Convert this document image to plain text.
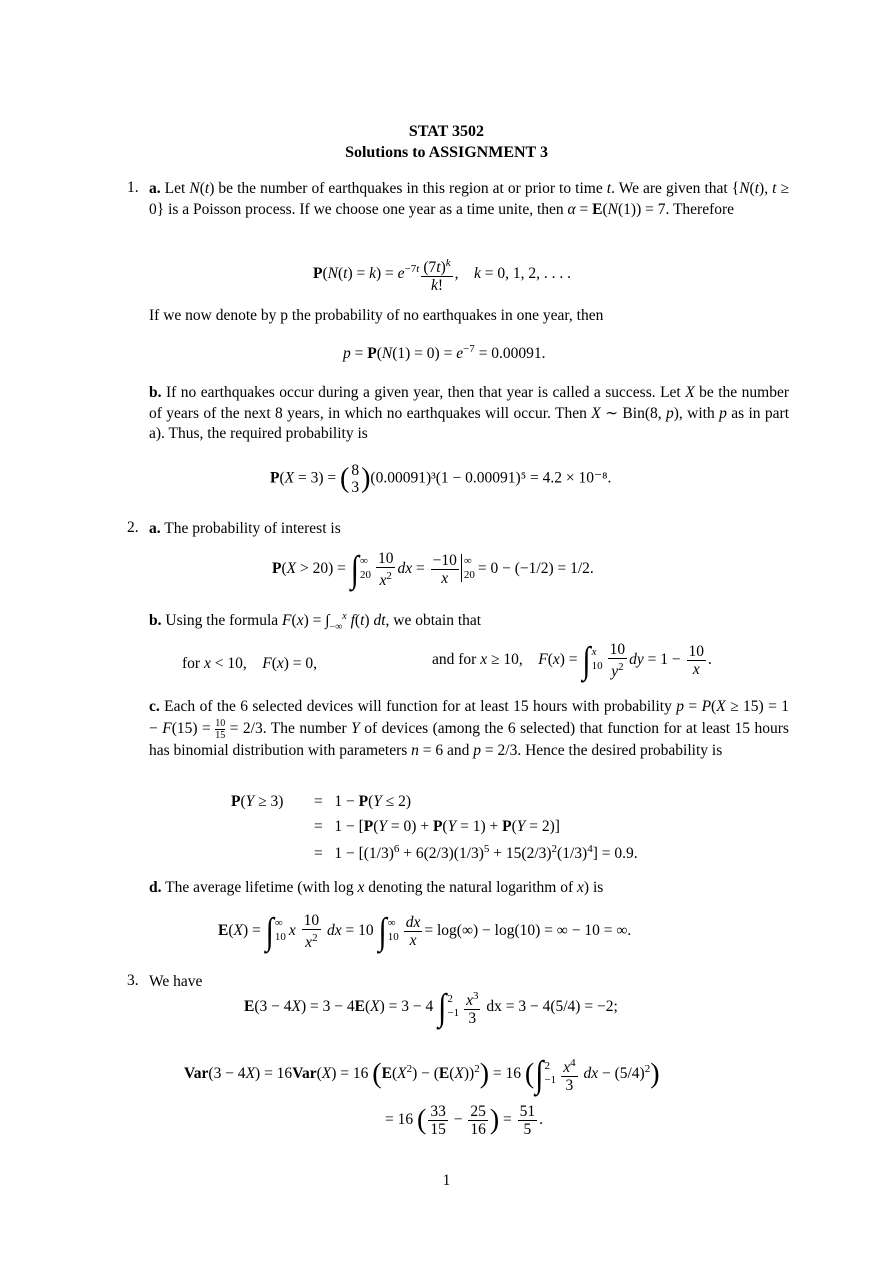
STAT 3502
Solutions to ASSIGNMENT 3
1. a. Let N(t) be the number of earthquakes in this region at or prior to time t. We are given that {N(t), t ≥ 0} is a Poisson process. If we choose one year as a time unite, then α = E(N(1)) = 7. Therefore
$P(N(t) = k) = e^{-7t} \frac{(7t)^k}{k!}$ ,    k = 0, 1, 2, . . . .
If we now denote by p the probability of no earthquakes in one year, then
$p = P(N(1) = 0) = e^{-7} = 0.00091$.
b. If no earthquakes occur during a given year, then that year is called a success. Let X be the number of years of the next 8 years, in which no earthquakes will occur. Then X ∼ Bin(8, p), with p as in part a). Thus, the required probability is
P(X = 3) = ( 8
3 )(0.00091)³(1 − 0.00091)⁵ = 4.2 × 10⁻⁸.
2. a. The probability of interest is
P(X > 20) = ∫ ∞
$20 \frac{10}{x^2}$ dx = $\frac{-10}{x}$ ∞
20 = 0 − (−1/2) = 1/2.
b. Using the formula $F(x) = \int_{-\infty}^x$ f(t) dt, we obtain that
for x < 10,    F(x) = 0,	and for x ≥ 10,    F(x) = ∫ x
$10 \frac{10}{y^2}$ dy = $1 - \frac{10}{x}$ .
c. Each of the 6 selected devices will function for at least 15 hours with probability $p = P(X \ge 15) = 1 - F(15) = \frac{10}{15} = 2/3$. The number Y of devices (among the 6 selected) that function for at least 15 hours has binomial distribution with parameters n = 6 and p = 2/3. Hence the desired probability is
P(Y ≥ 3) =   1 − P(Y ≤ 2)
=   1 − [P(Y = 0) + P(Y = 1) + P(Y = 2)]
=   $1 - [(1/3)^6 + 6(2/3)(1/3)^5 + 15(2/3)^2(1/3)^4] = 0.9$.
d. The average lifetime (with log x denoting the natural logarithm of x) is
E(X) = ∫ ∞
10 x $\frac{10}{x^2}$ dx = 10 ∫ ∞
$10 \frac{dx}{x} = \log(\infty) - \log(10)$ = ∞ − 10 = ∞.
3. We have
E(3 − 4X) = 3 − 4E(X) = 3 − 4 ∫ 2
$-1 \frac{x^3}{3}$ dx = 3 − 4(5/4) = −2;
Var(3 − 4X) = 16Var(X) = 16 $(E(X^2) - (E(X))^2) = 16$ (∫ 2
$-1 \frac{x^4}{3}$ dx − $(5/4)^2$)
= 16 ( $\frac{33}{15} - \frac{25}{16}$ ) = $\frac{51}{5}$ .
1
